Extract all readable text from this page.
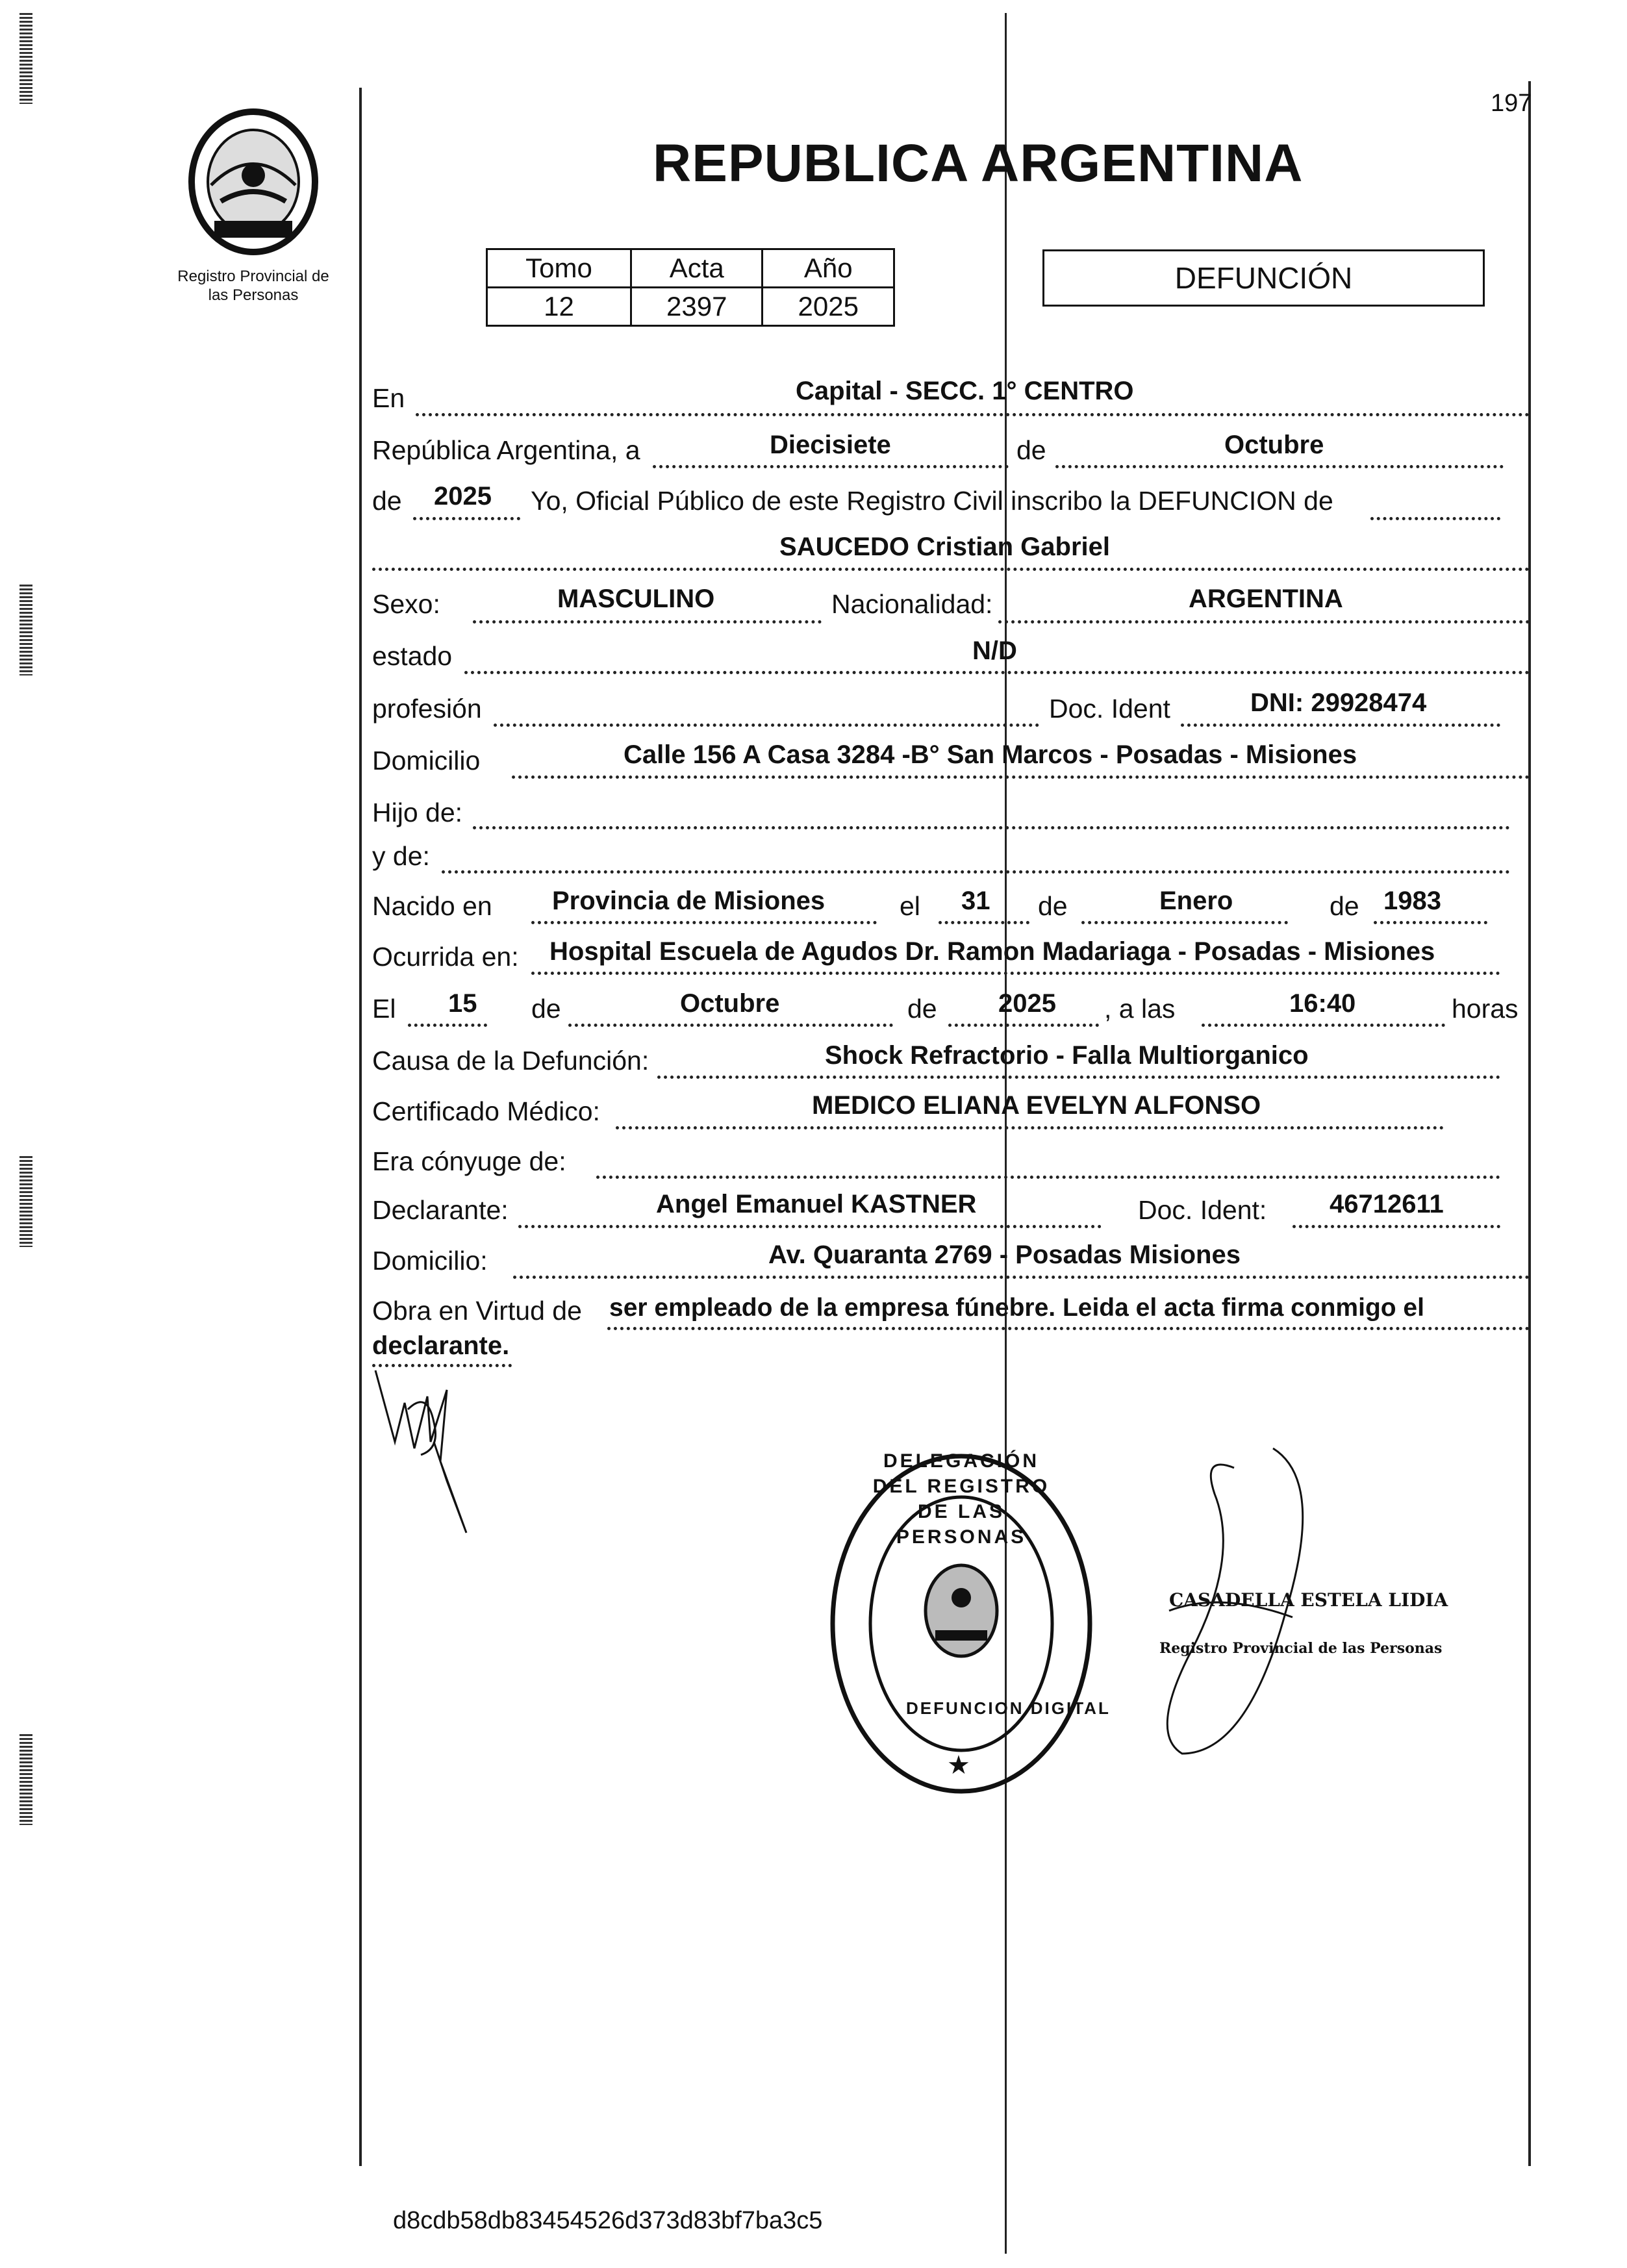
197
Registro Provincial de
las Personas
REPUBLICA ARGENTINA
Tomo	Acta	Año
12	2397	2025
DEFUNCIÓN
En	Capital - SECC. 1° CENTRO
República Argentina, a	Diecisiete	de	Octubre
de 2025 Yo, Oficial Público de este Registro Civil inscribo la DEFUNCION de
SAUCEDO Cristian Gabriel
Sexo:	MASCULINO	Nacionalidad:	ARGENTINA
estado	N/D
profesión	Doc. Ident	DNI: 29928474
Domicilio	Calle 156 A Casa 3284 -B° San Marcos - Posadas - Misiones
Hijo de:
y de:
Nacido en Provincia de Misiones	el 31 de	Enero	de 1983
Ocurrida en: Hospital Escuela de Agudos Dr. Ramon Madariaga - Posadas - Misiones
El 15 de	Octubre	de 2025 , a las	16:40	horas
Causa de la Defunción:	Shock Refractorio - Falla Multiorganico
Certificado Médico:	MEDICO ELIANA EVELYN ALFONSO
Era cónyuge de:
Declarante:	Angel Emanuel KASTNER	Doc. Ident: 46712611
Domicilio:	Av. Quaranta 2769 - Posadas Misiones
Obra en Virtud de ser empleado de la empresa fúnebre. Leida el acta firma conmigo el
declarante.
DELEGACIÓN DEL REGISTRO DE LAS PERSONAS
DEFUNCION DIGITAL
★
CASADELLA ESTELA LIDIA
Registro Provincial de las Personas
d8cdb58db83454526d373d83bf7ba3c5
